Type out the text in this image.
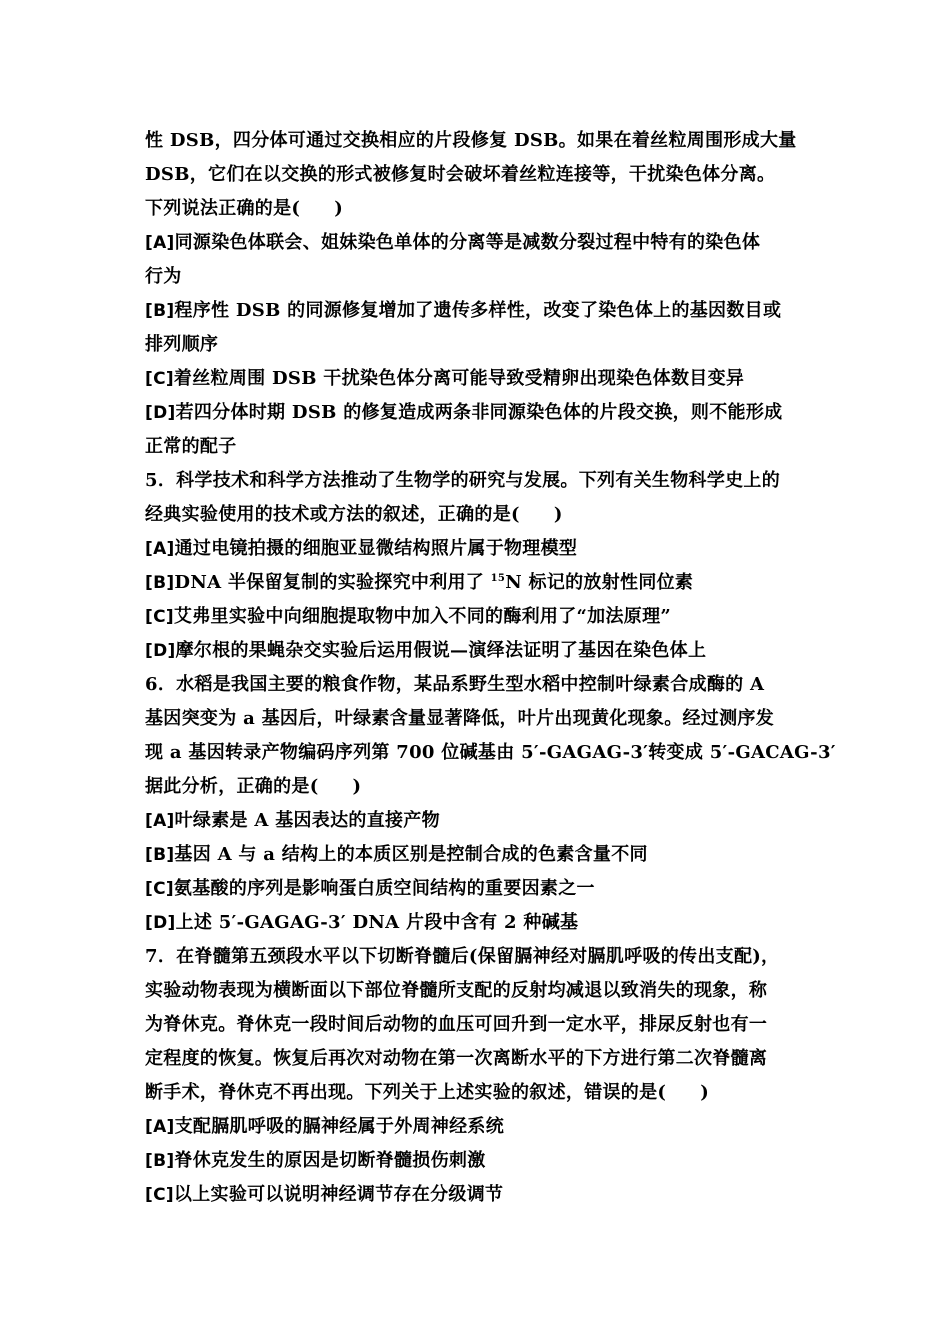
性 DSB，四分体可通过交换相应的片段修复 DSB。如果在着丝粒周围形成大量
DSB，它们在以交换的形式被修复时会破坏着丝粒连接等，干扰染色体分离。
下列说法正确的是( )
[A]同源染色体联会、姐妹染色单体的分离等是减数分裂过程中特有的染色体
行为
[B]程序性 DSB 的同源修复增加了遗传多样性，改变了染色体上的基因数目或
排列顺序
[C]着丝粒周围 DSB 干扰染色体分离可能导致受精卵出现染色体数目变异
[D]若四分体时期 DSB 的修复造成两条非同源染色体的片段交换，则不能形成
正常的配子
5．科学技术和科学方法推动了生物学的研究与发展。下列有关生物科学史上的
经典实验使用的技术或方法的叙述，正确的是( )
[A]通过电镜拍摄的细胞亚显微结构照片属于物理模型
[B]DNA 半保留复制的实验探究中利用了 $^{15}$N 标记的放射性同位素
[C]艾弗里实验中向细胞提取物中加入不同的酶利用了“加法原理”
[D]摩尔根的果蝇杂交实验后运用假说—演绎法证明了基因在染色体上
6．水稻是我国主要的粮食作物，某品系野生型水稻中控制叶绿素合成酶的 A
基因突变为 a 基因后，叶绿素含量显著降低，叶片出现黄化现象。经过测序发
现 a 基因转录产物编码序列第 700 位碱基由 5′-GAGAG-3′转变成 5′-GACAG-3′
据此分析，正确的是( )
[A]叶绿素是 A 基因表达的直接产物
[B]基因 A 与 a 结构上的本质区别是控制合成的色素含量不同
[C]氨基酸的序列是影响蛋白质空间结构的重要因素之一
[D]上述 5′-GAGAG-3′ DNA 片段中含有 2 种碱基
7．在脊髓第五颈段水平以下切断脊髓后(保留膈神经对膈肌呼吸的传出支配)，
实验动物表现为横断面以下部位脊髓所支配的反射均减退以致消失的现象，称
为脊休克。脊休克一段时间后动物的血压可回升到一定水平，排尿反射也有一
定程度的恢复。恢复后再次对动物在第一次离断水平的下方进行第二次脊髓离
断手术，脊休克不再出现。下列关于上述实验的叙述，错误的是( )
[A]支配膈肌呼吸的膈神经属于外周神经系统
[B]脊休克发生的原因是切断脊髓损伤刺激
[C]以上实验可以说明神经调节存在分级调节
